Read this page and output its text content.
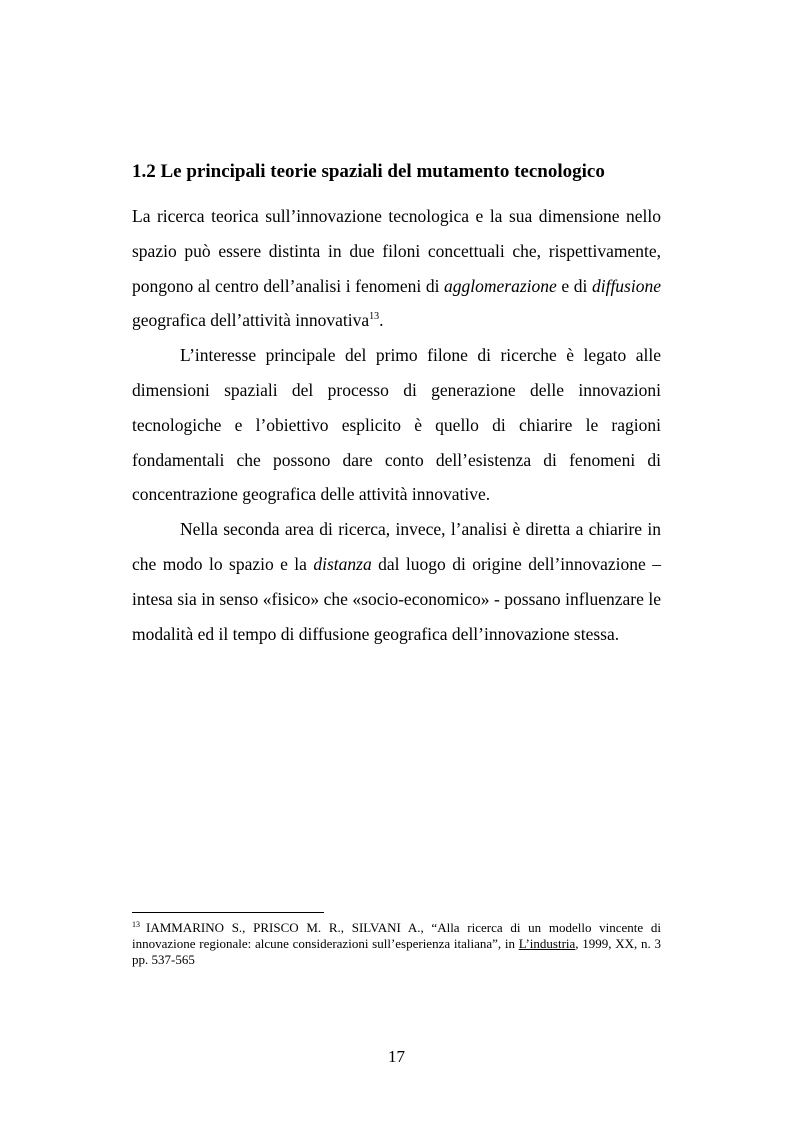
1.2 Le principali teorie spaziali del mutamento tecnologico

La ricerca teorica sull’innovazione tecnologica e la sua dimensione nello spazio può essere distinta in due filoni concettuali che, rispettivamente, pongono al centro dell’analisi i fenomeni di agglomerazione e di diffusione geografica dell’attività innovativa$^{13}$.

L’interesse principale del primo filone di ricerche è legato alle dimensioni spaziali del processo di generazione delle innovazioni tecnologiche e l’obiettivo esplicito è quello di chiarire le ragioni fondamentali che possono dare conto dell’esistenza di fenomeni di concentrazione geografica delle attività innovative.

Nella seconda area di ricerca, invece, l’analisi è diretta a chiarire in che modo lo spazio e la distanza dal luogo di origine dell’innovazione – intesa sia in senso «fisico» che «socio-economico» - possano influenzare le modalità ed il tempo di diffusione geografica dell’innovazione stessa.

$^{13}$ IAMMARINO S., PRISCO M. R., SILVANI A., “Alla ricerca di un modello vincente di innovazione regionale: alcune considerazioni sull’esperienza italiana”, in L’industria, 1999, XX, n. 3 pp. 537-565
17
